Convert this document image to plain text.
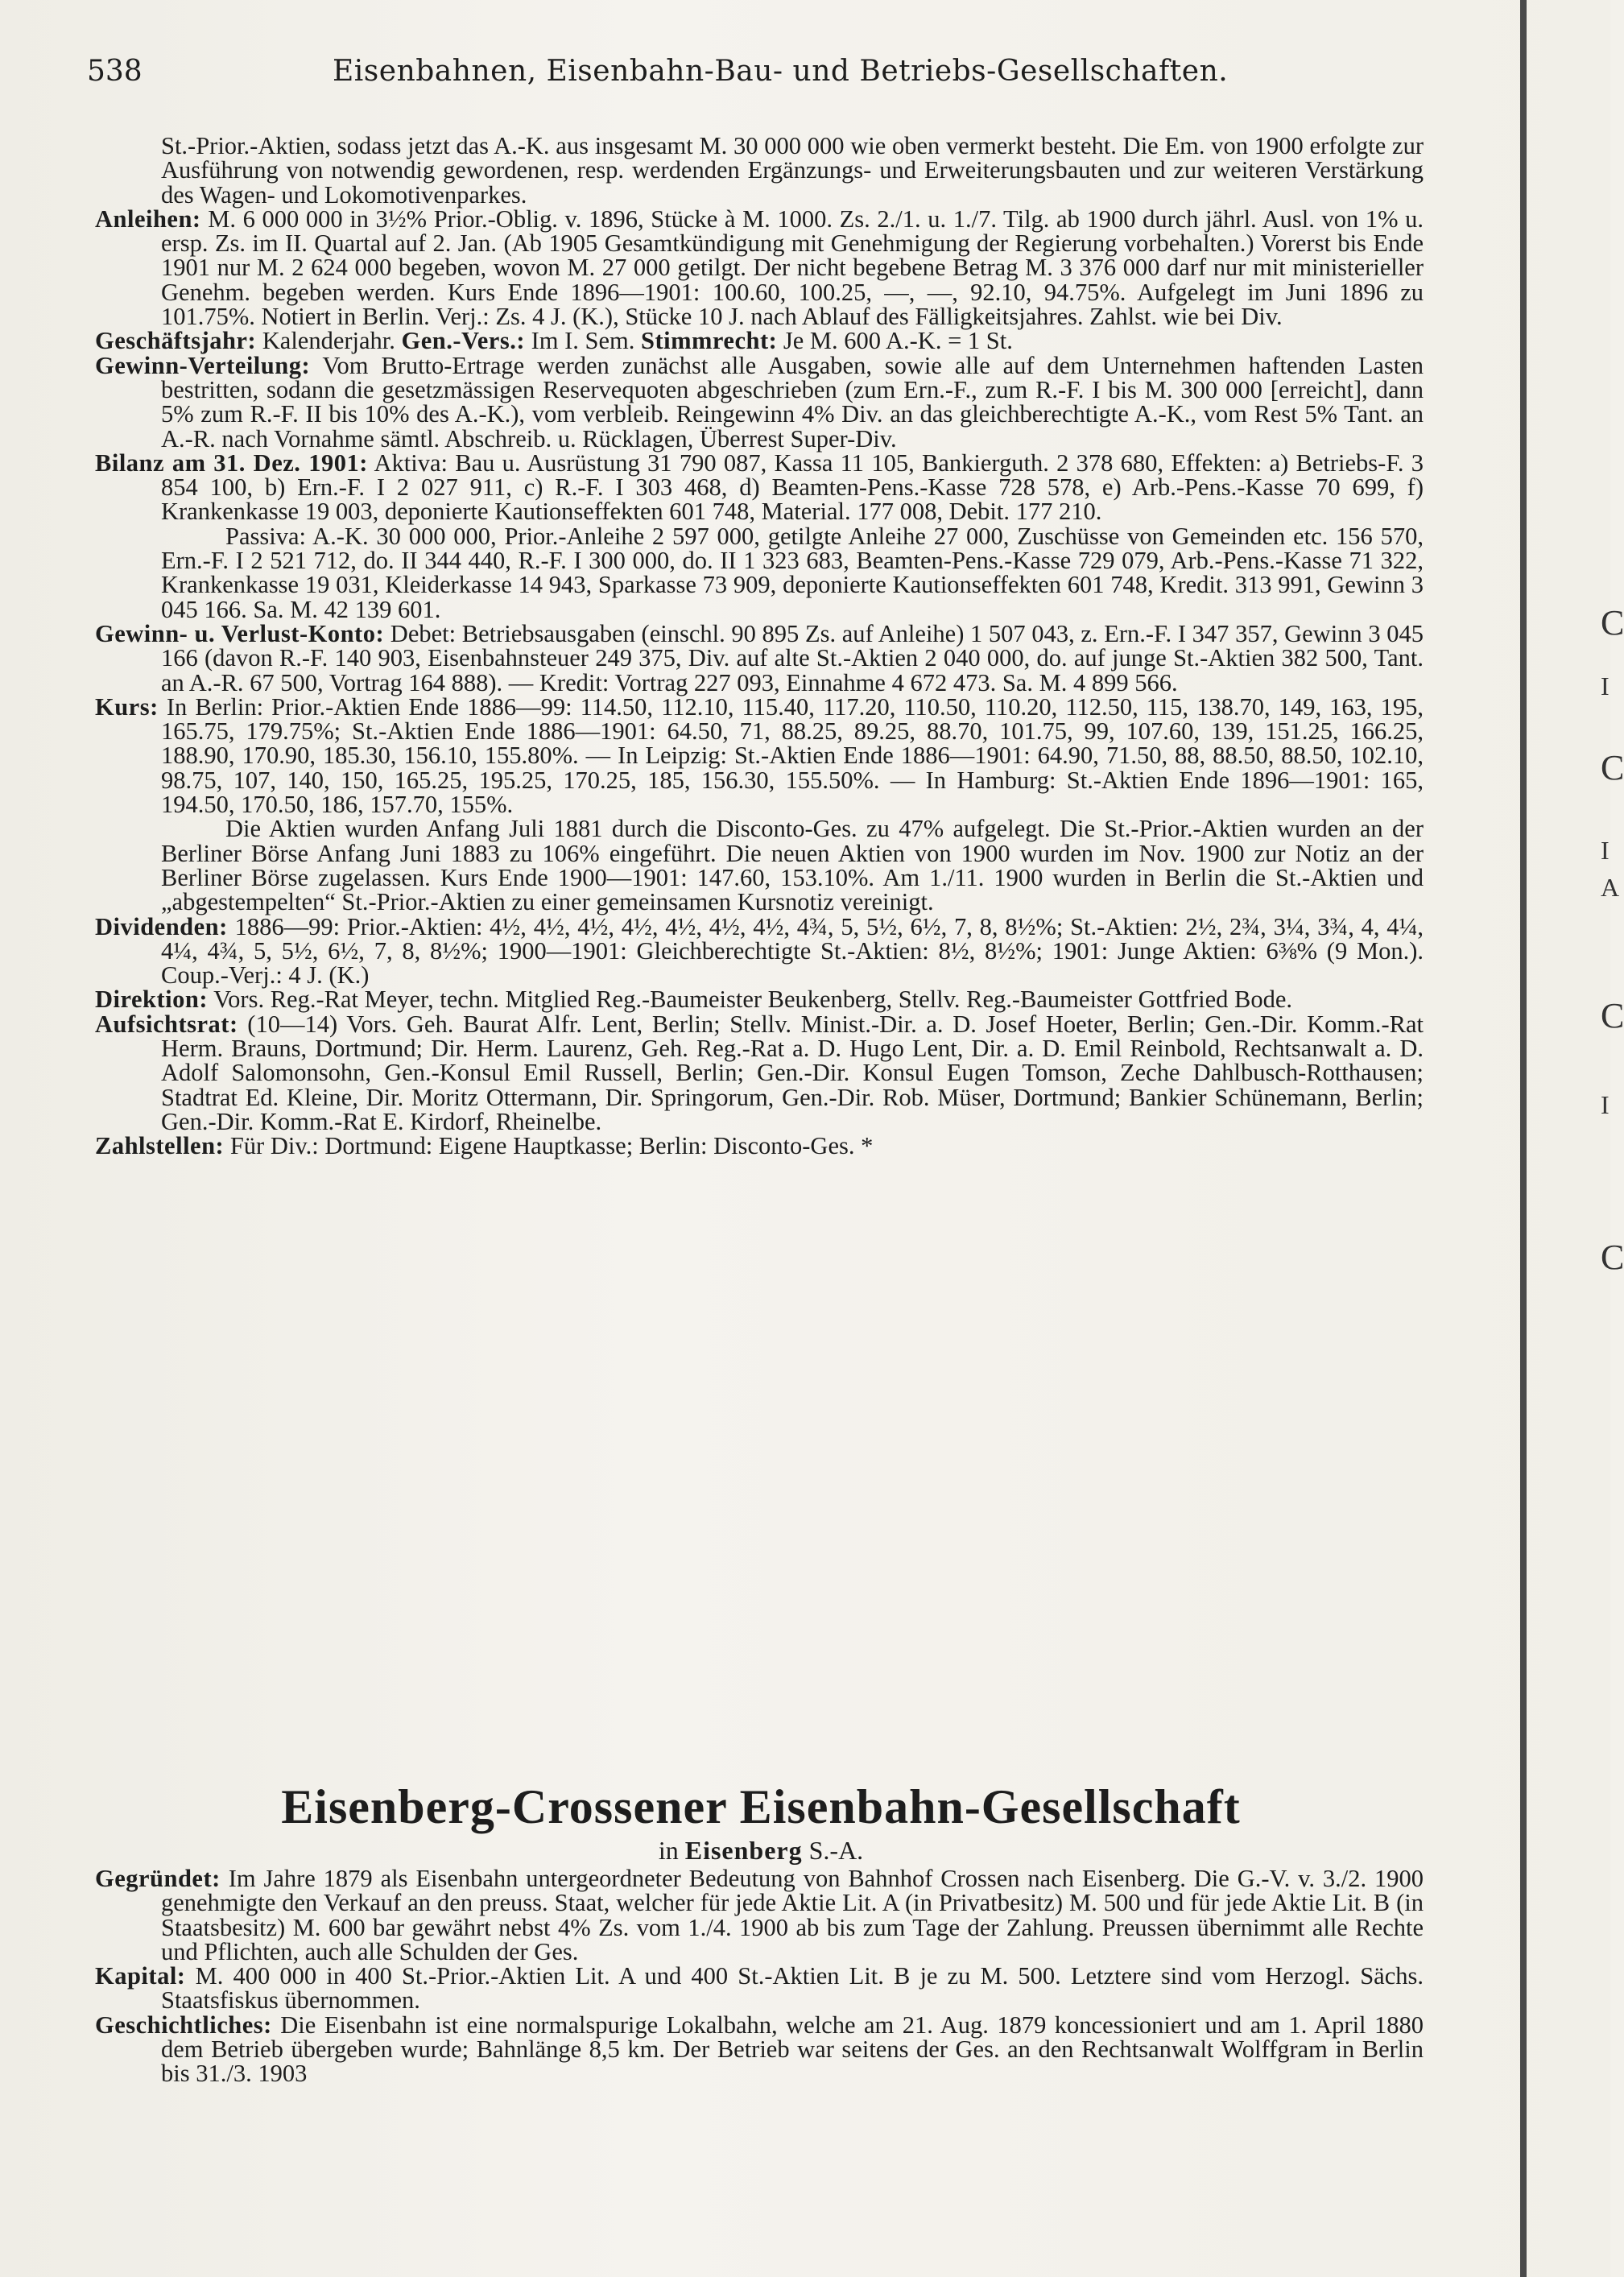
C
I
C
I
A
C
I
C
538	Eisenbahnen, Eisenbahn-Bau- und Betriebs-Gesellschaften.

St.-Prior.-Aktien, sodass jetzt das A.-K. aus insgesamt M. 30 000 000 wie oben vermerkt besteht. Die Em. von 1900 erfolgte zur Ausführung von notwendig gewordenen, resp. werdenden Ergänzungs- und Erweiterungsbauten und zur weiteren Verstärkung des Wagen- und Lokomotivenparkes.

Anleihen: M. 6 000 000 in 3½% Prior.-Oblig. v. 1896, Stücke à M. 1000. Zs. 2./1. u. 1./7. Tilg. ab 1900 durch jährl. Ausl. von 1% u. ersp. Zs. im II. Quartal auf 2. Jan. (Ab 1905 Gesamtkündigung mit Genehmigung der Regierung vorbehalten.) Vorerst bis Ende 1901 nur M. 2 624 000 begeben, wovon M. 27 000 getilgt. Der nicht begebene Betrag M. 3 376 000 darf nur mit ministerieller Genehm. begeben werden. Kurs Ende 1896—1901: 100.60, 100.25, —, —, 92.10, 94.75%. Aufgelegt im Juni 1896 zu 101.75%. Notiert in Berlin. Verj.: Zs. 4 J. (K.), Stücke 10 J. nach Ablauf des Fälligkeitsjahres. Zahlst. wie bei Div.

Geschäftsjahr: Kalenderjahr. Gen.-Vers.: Im I. Sem. Stimmrecht: Je M. 600 A.-K. = 1 St.

Gewinn-Verteilung: Vom Brutto-Ertrage werden zunächst alle Ausgaben, sowie alle auf dem Unternehmen haftenden Lasten bestritten, sodann die gesetzmässigen Reservequoten abgeschrieben (zum Ern.-F., zum R.-F. I bis M. 300 000 [erreicht], dann 5% zum R.-F. II bis 10% des A.-K.), vom verbleib. Reingewinn 4% Div. an das gleichberechtigte A.-K., vom Rest 5% Tant. an A.-R. nach Vornahme sämtl. Abschreib. u. Rücklagen, Überrest Super-Div.

Bilanz am 31. Dez. 1901: Aktiva: Bau u. Ausrüstung 31 790 087, Kassa 11 105, Bankierguth. 2 378 680, Effekten: a) Betriebs-F. 3 854 100, b) Ern.-F. I 2 027 911, c) R.-F. I 303 468, d) Beamten-Pens.-Kasse 728 578, e) Arb.-Pens.-Kasse 70 699, f) Krankenkasse 19 003, deponierte Kautionseffekten 601 748, Material. 177 008, Debit. 177 210.

Passiva: A.-K. 30 000 000, Prior.-Anleihe 2 597 000, getilgte Anleihe 27 000, Zuschüsse von Gemeinden etc. 156 570, Ern.-F. I 2 521 712, do. II 344 440, R.-F. I 300 000, do. II 1 323 683, Beamten-Pens.-Kasse 729 079, Arb.-Pens.-Kasse 71 322, Krankenkasse 19 031, Kleiderkasse 14 943, Sparkasse 73 909, deponierte Kautionseffekten 601 748, Kredit. 313 991, Gewinn 3 045 166. Sa. M. 42 139 601.

Gewinn- u. Verlust-Konto: Debet: Betriebsausgaben (einschl. 90 895 Zs. auf Anleihe) 1 507 043, z. Ern.-F. I 347 357, Gewinn 3 045 166 (davon R.-F. 140 903, Eisenbahnsteuer 249 375, Div. auf alte St.-Aktien 2 040 000, do. auf junge St.-Aktien 382 500, Tant. an A.-R. 67 500, Vortrag 164 888). — Kredit: Vortrag 227 093, Einnahme 4 672 473. Sa. M. 4 899 566.

Kurs: In Berlin: Prior.-Aktien Ende 1886—99: 114.50, 112.10, 115.40, 117.20, 110.50, 110.20, 112.50, 115, 138.70, 149, 163, 195, 165.75, 179.75%; St.-Aktien Ende 1886—1901: 64.50, 71, 88.25, 89.25, 88.70, 101.75, 99, 107.60, 139, 151.25, 166.25, 188.90, 170.90, 185.30, 156.10, 155.80%. — In Leipzig: St.-Aktien Ende 1886—1901: 64.90, 71.50, 88, 88.50, 88.50, 102.10, 98.75, 107, 140, 150, 165.25, 195.25, 170.25, 185, 156.30, 155.50%. — In Hamburg: St.-Aktien Ende 1896—1901: 165, 194.50, 170.50, 186, 157.70, 155%.

Die Aktien wurden Anfang Juli 1881 durch die Disconto-Ges. zu 47% aufgelegt. Die St.-Prior.-Aktien wurden an der Berliner Börse Anfang Juni 1883 zu 106% eingeführt. Die neuen Aktien von 1900 wurden im Nov. 1900 zur Notiz an der Berliner Börse zugelassen. Kurs Ende 1900—1901: 147.60, 153.10%. Am 1./11. 1900 wurden in Berlin die St.-Aktien und „abgestempelten“ St.-Prior.-Aktien zu einer gemeinsamen Kursnotiz vereinigt.

Dividenden: 1886—99: Prior.-Aktien: 4½, 4½, 4½, 4½, 4½, 4½, 4½, 4¾, 5, 5½, 6½, 7, 8, 8½%; St.-Aktien: 2½, 2¾, 3¼, 3¾, 4, 4¼, 4¼, 4¾, 5, 5½, 6½, 7, 8, 8½%; 1900—1901: Gleichberechtigte St.-Aktien: 8½, 8½%; 1901: Junge Aktien: 6⅜% (9 Mon.). Coup.-Verj.: 4 J. (K.)

Direktion: Vors. Reg.-Rat Meyer, techn. Mitglied Reg.-Baumeister Beukenberg, Stellv. Reg.-Baumeister Gottfried Bode.

Aufsichtsrat: (10—14) Vors. Geh. Baurat Alfr. Lent, Berlin; Stellv. Minist.-Dir. a. D. Josef Hoeter, Berlin; Gen.-Dir. Komm.-Rat Herm. Brauns, Dortmund; Dir. Herm. Laurenz, Geh. Reg.-Rat a. D. Hugo Lent, Dir. a. D. Emil Reinbold, Rechtsanwalt a. D. Adolf Salomonsohn, Gen.-Konsul Emil Russell, Berlin; Gen.-Dir. Konsul Eugen Tomson, Zeche Dahlbusch-Rotthausen; Stadtrat Ed. Kleine, Dir. Moritz Ottermann, Dir. Springorum, Gen.-Dir. Rob. Müser, Dortmund; Bankier Schünemann, Berlin; Gen.-Dir. Komm.-Rat E. Kirdorf, Rheinelbe.

Zahlstellen: Für Div.: Dortmund: Eigene Hauptkasse; Berlin: Disconto-Ges. *

Eisenberg-Crossener Eisenbahn-Gesellschaft
in Eisenberg S.-A.

Gegründet: Im Jahre 1879 als Eisenbahn untergeordneter Bedeutung von Bahnhof Crossen nach Eisenberg. Die G.-V. v. 3./2. 1900 genehmigte den Verkauf an den preuss. Staat, welcher für jede Aktie Lit. A (in Privatbesitz) M. 500 und für jede Aktie Lit. B (in Staatsbesitz) M. 600 bar gewährt nebst 4% Zs. vom 1./4. 1900 ab bis zum Tage der Zahlung. Preussen übernimmt alle Rechte und Pflichten, auch alle Schulden der Ges.

Kapital: M. 400 000 in 400 St.-Prior.-Aktien Lit. A und 400 St.-Aktien Lit. B je zu M. 500. Letztere sind vom Herzogl. Sächs. Staatsfiskus übernommen.

Geschichtliches: Die Eisenbahn ist eine normalspurige Lokalbahn, welche am 21. Aug. 1879 koncessioniert und am 1. April 1880 dem Betrieb übergeben wurde; Bahnlänge 8,5 km. Der Betrieb war seitens der Ges. an den Rechtsanwalt Wolffgram in Berlin bis 31./3. 1903
